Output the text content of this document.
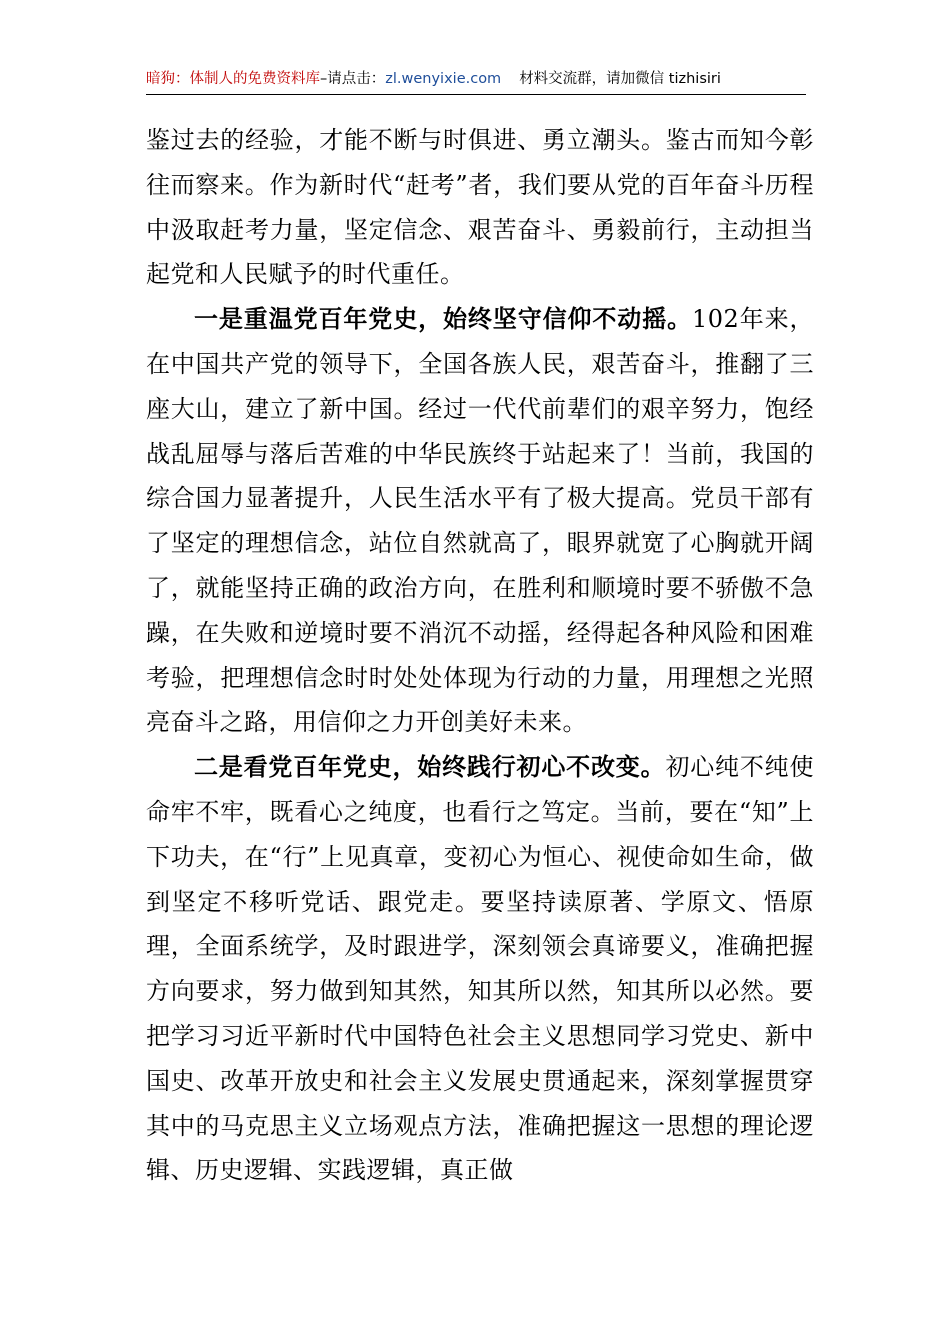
暗狗：体制人的免费资料库–请点击：zl.wenyixie.com 材料交流群，请加微信 tizhisiri

鉴过去的经验，才能不断与时俱进、勇立潮头。鉴古而知今彰往而察来。作为新时代“赶考”者，我们要从党的百年奋斗历程中汲取赶考力量，坚定信念、艰苦奋斗、勇毅前行，主动担当起党和人民赋予的时代重任。

一是重温党百年党史，始终坚守信仰不动摇。102年来，在中国共产党的领导下，全国各族人民，艰苦奋斗，推翻了三座大山，建立了新中国。经过一代代前辈们的艰辛努力，饱经战乱屈辱与落后苦难的中华民族终于站起来了！当前，我国的综合国力显著提升，人民生活水平有了极大提高。党员干部有了坚定的理想信念，站位自然就高了，眼界就宽了心胸就开阔了，就能坚持正确的政治方向，在胜利和顺境时要不骄傲不急躁，在失败和逆境时要不消沉不动摇，经得起各种风险和困难考验，把理想信念时时处处体现为行动的力量，用理想之光照亮奋斗之路，用信仰之力开创美好未来。

二是看党百年党史，始终践行初心不改变。初心纯不纯使命牢不牢，既看心之纯度，也看行之笃定。当前，要在“知”上下功夫，在“行”上见真章，变初心为恒心、视使命如生命，做到坚定不移听党话、跟党走。要坚持读原著、学原文、悟原理，全面系统学，及时跟进学，深刻领会真谛要义，准确把握方向要求，努力做到知其然，知其所以然，知其所以必然。要把学习习近平新时代中国特色社会主义思想同学习党史、新中国史、改革开放史和社会主义发展史贯通起来，深刻掌握贯穿其中的马克思主义立场观点方法，准确把握这一思想的理论逻辑、历史逻辑、实践逻辑，真正做
